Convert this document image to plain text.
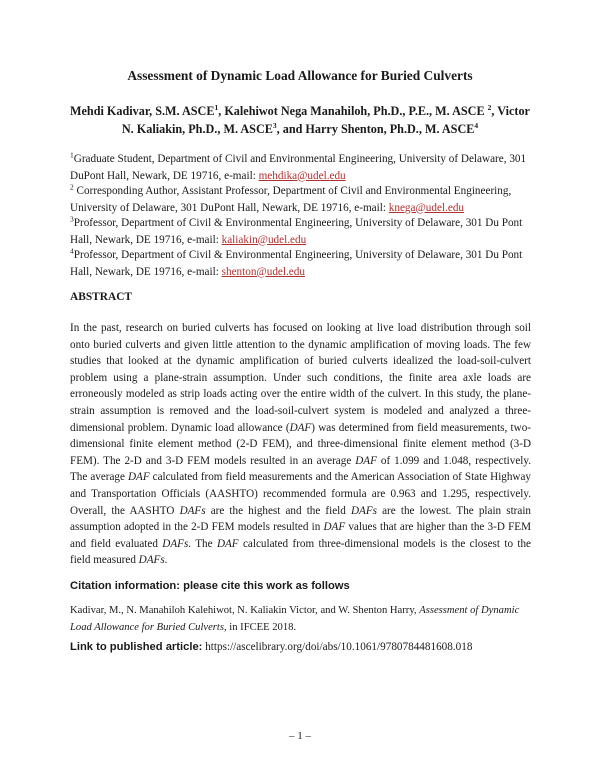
Assessment of Dynamic Load Allowance for Buried Culverts
Mehdi Kadivar, S.M. ASCE$^1$, Kalehiwot Nega Manahiloh, Ph.D., P.E., M. ASCE $^2$, Victor N. Kaliakin, Ph.D., M. ASCE$^3$, and Harry Shenton, Ph.D., M. ASCE$^4$
$^1$Graduate Student, Department of Civil and Environmental Engineering, University of Delaware, 301 DuPont Hall, Newark, DE 19716, e-mail: mehdika@udel.edu
$^2$ Corresponding Author, Assistant Professor, Department of Civil and Environmental Engineering, University of Delaware, 301 DuPont Hall, Newark, DE 19716, e-mail: knega@udel.edu
$^3$Professor, Department of Civil & Environmental Engineering, University of Delaware, 301 Du Pont Hall, Newark, DE 19716, e-mail: kaliakin@udel.edu
$^4$Professor, Department of Civil & Environmental Engineering, University of Delaware, 301 Du Pont Hall, Newark, DE 19716, e-mail: shenton@udel.edu
ABSTRACT
In the past, research on buried culverts has focused on looking at live load distribution through soil onto buried culverts and given little attention to the dynamic amplification of moving loads. The few studies that looked at the dynamic amplification of buried culverts idealized the load-soil-culvert problem using a plane-strain assumption. Under such conditions, the finite area axle loads are erroneously modeled as strip loads acting over the entire width of the culvert. In this study, the plane-strain assumption is removed and the load-soil-culvert system is modeled and analyzed a three-dimensional problem. Dynamic load allowance (DAF) was determined from field measurements, two-dimensional finite element method (2-D FEM), and three-dimensional finite element method (3-D FEM). The 2-D and 3-D FEM models resulted in an average DAF of 1.099 and 1.048, respectively. The average DAF calculated from field measurements and the American Association of State Highway and Transportation Officials (AASHTO) recommended formula are 0.963 and 1.295, respectively. Overall, the AASHTO DAFs are the highest and the field DAFs are the lowest. The plain strain assumption adopted in the 2-D FEM models resulted in DAF values that are higher than the 3-D FEM and field evaluated DAFs. The DAF calculated from three-dimensional models is the closest to the field measured DAFs.
Citation information: please cite this work as follows
Kadivar, M., N. Manahiloh Kalehiwot, N. Kaliakin Victor, and W. Shenton Harry, Assessment of Dynamic Load Allowance for Buried Culverts, in IFCEE 2018.
Link to published article: https://ascelibrary.org/doi/abs/10.1061/9780784481608.018
– 1 –
